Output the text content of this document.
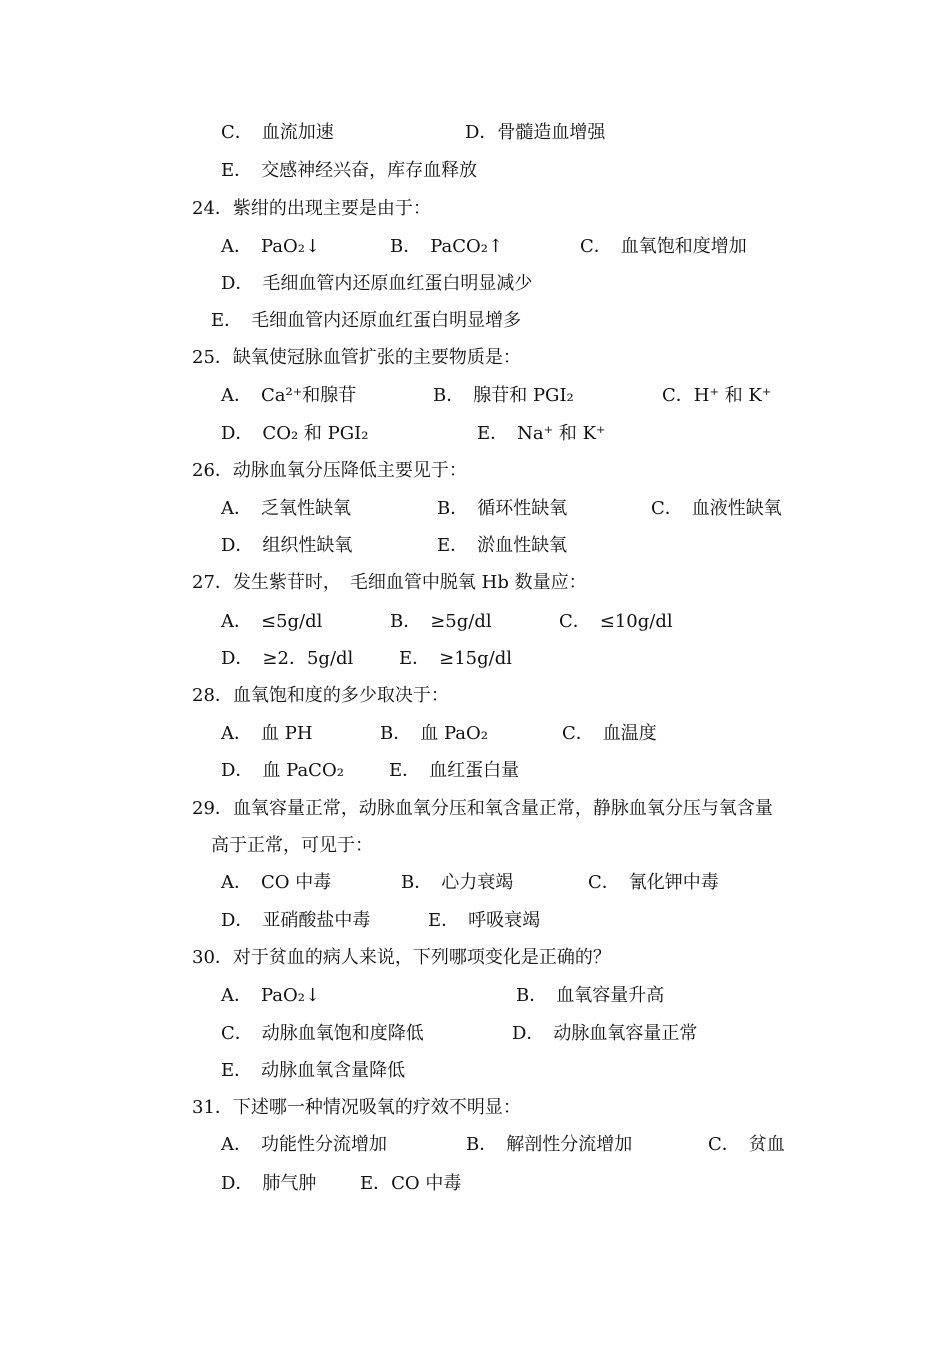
C．　血流加速	D．骨髓造血增强
E．　交感神经兴奋，库存血释放
24．紫绀的出现主要是由于：
A．　PaO₂↓	B．　PaCO₂↑	C．　血氧饱和度增加
D．　毛细血管内还原血红蛋白明显减少
E．　毛细血管内还原血红蛋白明显增多
25．缺氧使冠脉血管扩张的主要物质是：
A．　Ca²⁺和腺苷	B．　腺苷和 PGI₂	C．H⁺ 和 K⁺
D．　CO₂ 和 PGI₂	E．　Na⁺ 和 K⁺
26．动脉血氧分压降低主要见于：
A．　乏氧性缺氧	B．　循环性缺氧	C．　血液性缺氧
D．　组织性缺氧	E．　淤血性缺氧
27．发生紫苷时，　毛细血管中脱氧 Hb 数量应：
A．　≤5g/dl	B．　≥5g/dl	C．　≤10g/dl
D．　≥2．5g/dl	E．　≥15g/dl
28．血氧饱和度的多少取决于：
A．　血 PH	B．　血 PaO₂	C．　血温度
D．　血 PaCO₂	E．　血红蛋白量
29．血氧容量正常，动脉血氧分压和氧含量正常，静脉血氧分压与氧含量
高于正常，可见于：
A．　CO 中毒	B．　心力衰竭	C．　氰化钾中毒
D．　亚硝酸盐中毒	E．　呼吸衰竭
30．对于贫血的病人来说，下列哪项变化是正确的？
A．　PaO₂↓	B．　血氧容量升高
C．　动脉血氧饱和度降低	D．　动脉血氧容量正常
E．　动脉血氧含量降低
31．下述哪一种情况吸氧的疗效不明显：
A．　功能性分流增加	B．　解剖性分流增加	C．　贫血
D．　肺气肿 E．CO 中毒
